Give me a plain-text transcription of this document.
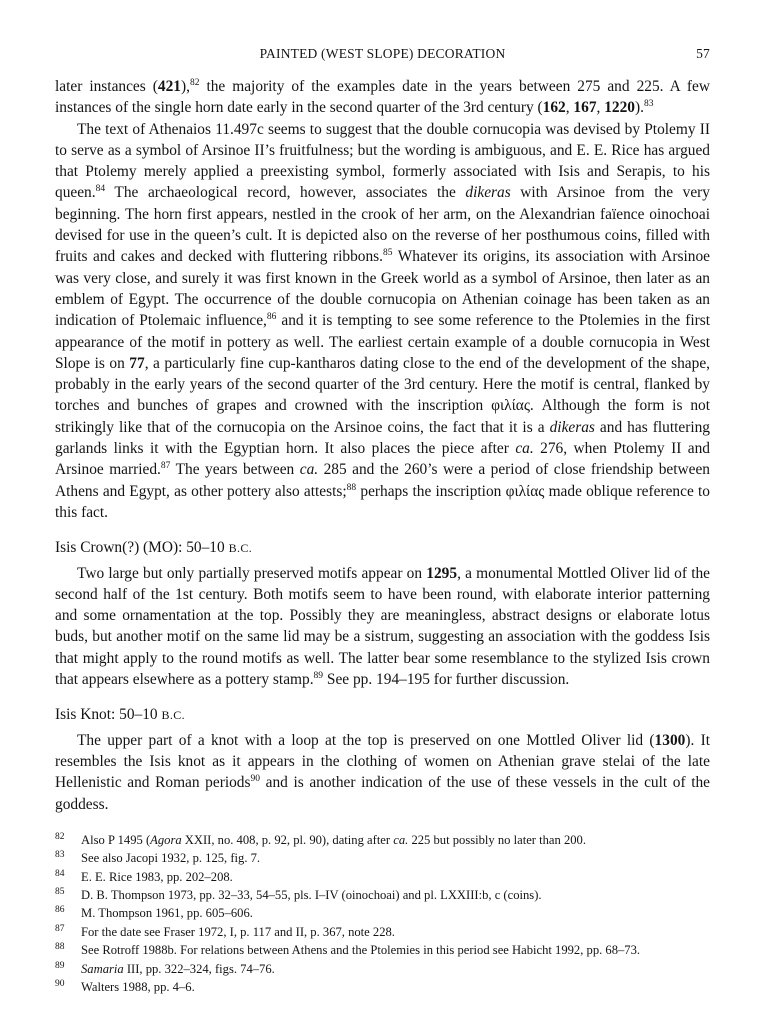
PAINTED (WEST SLOPE) DECORATION	57

later instances (421),$^{82}$ the majority of the examples date in the years between 275 and 225. A few instances of the single horn date early in the second quarter of the 3rd century (162, 167, 1220).$^{83}$

The text of Athenaios 11.497c seems to suggest that the double cornucopia was devised by Ptolemy II to serve as a symbol of Arsinoe II’s fruitfulness; but the wording is ambiguous, and E. E. Rice has argued that Ptolemy merely applied a preexisting symbol, formerly associated with Isis and Serapis, to his queen.$^{84}$ The archaeological record, however, associates the dikeras with Arsinoe from the very beginning. The horn first appears, nestled in the crook of her arm, on the Alexandrian faïence oinochoai devised for use in the queen’s cult. It is depicted also on the reverse of her posthumous coins, filled with fruits and cakes and decked with fluttering ribbons.$^{85}$ Whatever its origins, its association with Arsinoe was very close, and surely it was first known in the Greek world as a symbol of Arsinoe, then later as an emblem of Egypt. The occurrence of the double cornucopia on Athenian coinage has been taken as an indication of Ptolemaic influence,$^{86}$ and it is tempting to see some reference to the Ptolemies in the first appearance of the motif in pottery as well. The earliest certain example of a double cornucopia in West Slope is on 77, a particularly fine cup-kantharos dating close to the end of the development of the shape, probably in the early years of the second quarter of the 3rd century. Here the motif is central, flanked by torches and bunches of grapes and crowned with the inscription φιλίας. Although the form is not strikingly like that of the cornucopia on the Arsinoe coins, the fact that it is a dikeras and has fluttering garlands links it with the Egyptian horn. It also places the piece after ca. 276, when Ptolemy II and Arsinoe married.$^{87}$ The years between ca. 285 and the 260’s were a period of close friendship between Athens and Egypt, as other pottery also attests;$^{88}$ perhaps the inscription φιλίας made oblique reference to this fact.

Isis Crown(?) (MO): 50–10 B.C.

Two large but only partially preserved motifs appear on 1295, a monumental Mottled Oliver lid of the second half of the 1st century. Both motifs seem to have been round, with elaborate interior patterning and some ornamentation at the top. Possibly they are meaningless, abstract designs or elaborate lotus buds, but another motif on the same lid may be a sistrum, suggesting an association with the goddess Isis that might apply to the round motifs as well. The latter bear some resemblance to the stylized Isis crown that appears elsewhere as a pottery stamp.$^{89}$ See pp. 194–195 for further discussion.

Isis Knot: 50–10 B.C.

The upper part of a knot with a loop at the top is preserved on one Mottled Oliver lid (1300). It resembles the Isis knot as it appears in the clothing of women on Athenian grave stelai of the late Hellenistic and Roman periods$^{90}$ and is another indication of the use of these vessels in the cult of the goddess.

82 Also P 1495 (Agora XXII, no. 408, p. 92, pl. 90), dating after ca. 225 but possibly no later than 200.

83 See also Jacopi 1932, p. 125, fig. 7.

84 E. E. Rice 1983, pp. 202–208.

85 D. B. Thompson 1973, pp. 32–33, 54–55, pls. I–IV (oinochoai) and pl. LXXIII:b, c (coins).

86 M. Thompson 1961, pp. 605–606.

87 For the date see Fraser 1972, I, p. 117 and II, p. 367, note 228.

88 See Rotroff 1988b. For relations between Athens and the Ptolemies in this period see Habicht 1992, pp. 68–73.

89 Samaria III, pp. 322–324, figs. 74–76.

90 Walters 1988, pp. 4–6.
